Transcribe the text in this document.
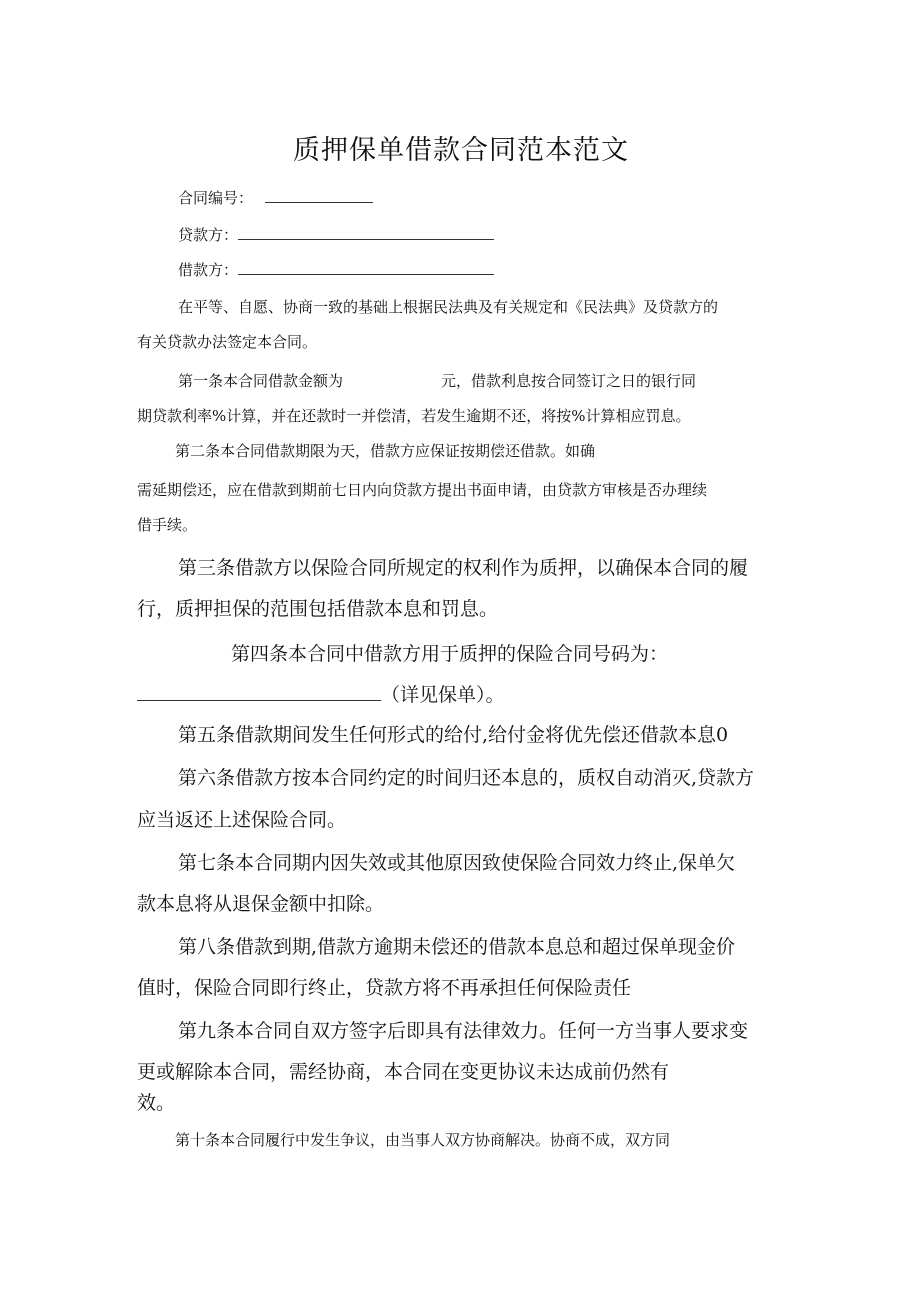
质押保单借款合同范本范文
合同编号：
贷款方：
借款方：
在平等、自愿、协商一致的基础上根据民法典及有关规定和《民法典》及贷款方的
有关贷款办法签定本合同。
第一条本合同借款金额为	元，借款利息按合同签订之日的银行同
期贷款利率%计算，并在还款时一并偿清，若发生逾期不还，将按%计算相应罚息。
第二条本合同借款期限为天，借款方应保证按期偿还借款。如确
需延期偿还，应在借款到期前七日内向贷款方提出书面申请，由贷款方审核是否办理续
借手续。
第三条借款方以保险合同所规定的权利作为质押，以确保本合同的履
行，质押担保的范围包括借款本息和罚息。
第四条本合同中借款方用于质押的保险合同号码为：
（详见保单）。
第五条借款期间发生任何形式的给付,给付金将优先偿还借款本息0
第六条借款方按本合同约定的时间归还本息的，质权自动消灭,贷款方
应当返还上述保险合同。
第七条本合同期内因失效或其他原因致使保险合同效力终止,保单欠
款本息将从退保金额中扣除。
第八条借款到期,借款方逾期未偿还的借款本息总和超过保单现金价
值时，保险合同即行终止，贷款方将不再承担任何保险责任
第九条本合同自双方签字后即具有法律效力。任何一方当事人要求变
更或解除本合同，需经协商，本合同在变更协议未达成前仍然有
效。
第十条本合同履行中发生争议，由当事人双方协商解决。协商不成，双方同
